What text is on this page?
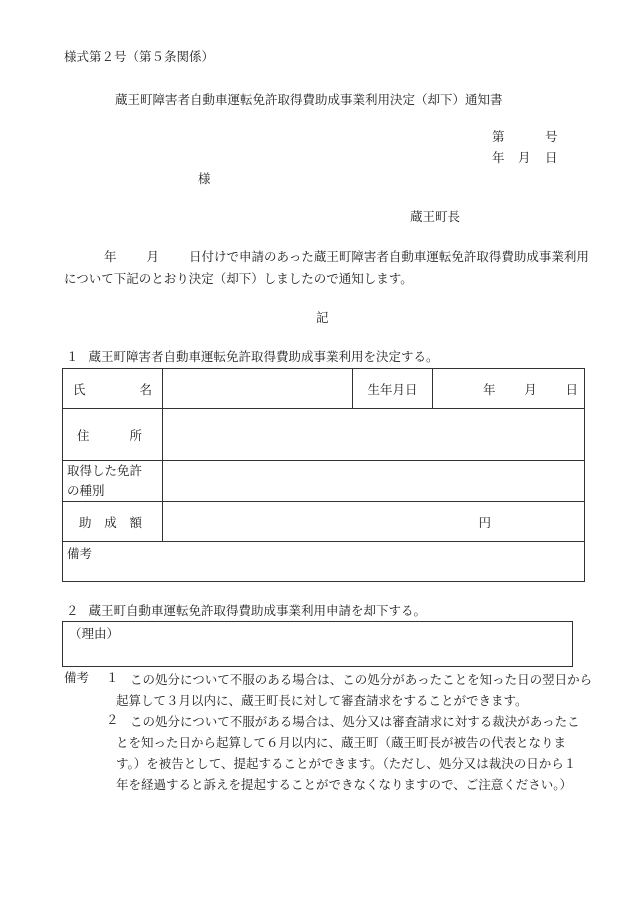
様式第２号（第５条関係）
蔵王町障害者自動車運転免許取得費助成事業利用決定（却下）通知書
第	号
年 月 日
様
蔵王町長
年 月 日付けで申請のあった蔵王町障害者自動車運転免許取得費助成事業利用について下記のとおり決定（却下）しましたので通知します。
記
１ 蔵王町障害者自動車運転免許取得費助成事業利用を決定する。
氏 名		生年月日	年 月 日

住 所			

取得した免許
の種別			

助 成 額	円		
備考			
２ 蔵王町自動車運転免許取得費助成事業利用申請を却下する。
（理由）
備考 １ この処分について不服のある場合は、この処分があったことを知った日の翌日から起算して３月以内に、蔵王町長に対して審査請求をすることができます。
２ この処分について不服がある場合は、処分又は審査請求に対する裁決があったことを知った日から起算して６月以内に、蔵王町（蔵王町長が被告の代表となります。）を被告として、提起することができます。（ただし、処分又は裁決の日から１年を経過すると訴えを提起することができなくなりますので、ご注意ください。）
